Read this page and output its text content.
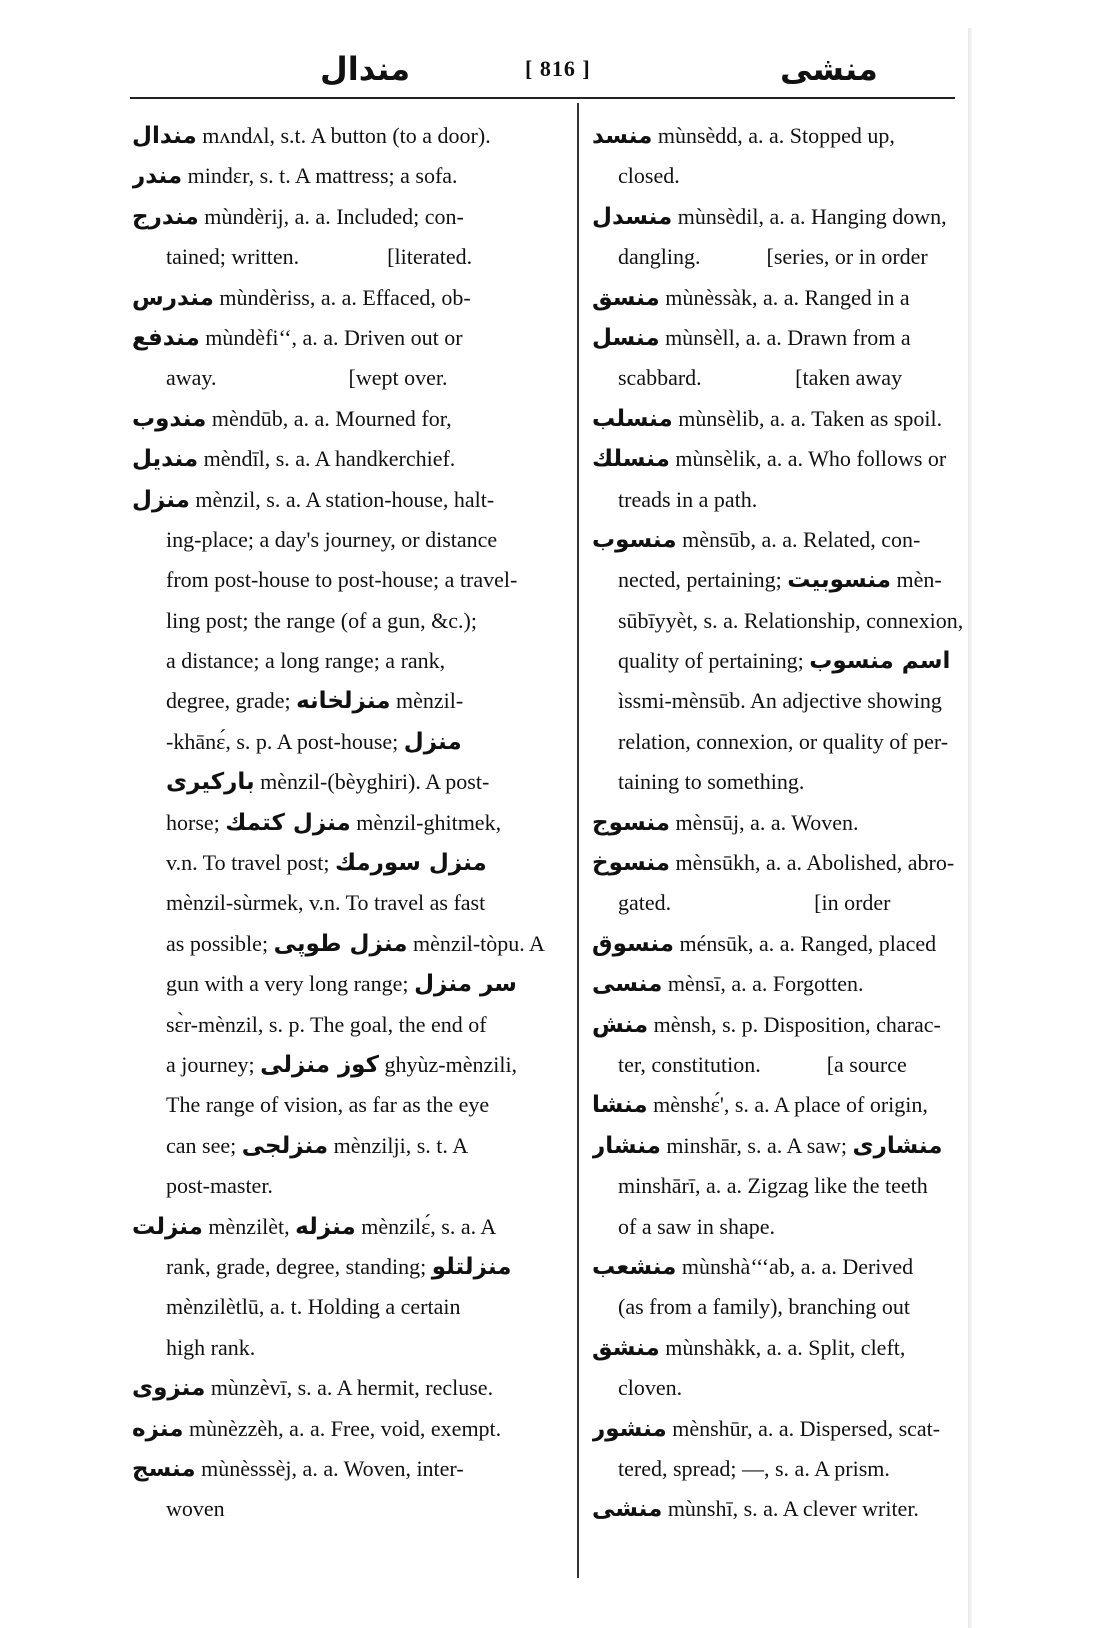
مندال	[ 816 ]	منشی
مندال mʌndʌl, s.t. A button (to a door).
مندر mindɛr, s. t. A mattress; a sofa.
مندرج mùndèrij, a. a. Included; con-
tained; written.                [literated.
مندرس mùndèriss, a. a. Effaced, ob-
مندفع mùndèfi‘‘, a. a. Driven out or
away.                        [wept over.
مندوب mèndūb, a. a. Mourned for,
منديل mèndīl, s. a. A handkerchief.
منزل mènzil, s. a. A station-house, halt-
ing-place; a day's journey, or distance
from post-house to post-house; a travel-
ling post; the range (of a gun, &c.);
a distance; a long range; a rank,
degree, grade; منزلخانه mènzil-
-khānɛ́, s. p. A post-house; منزل
بارکیری mènzil-(bèyghiri). A post-
horse; منزل کتمك mènzil-ghitmek,
v.n. To travel post; منزل سورمك
mènzil-sùrmek, v.n. To travel as fast
as possible; منزل طوپی mènzil-tòpu. A
gun with a very long range; سر منزل
sɛ̀r-mènzil, s. p. The goal, the end of
a journey; کوز منزلی ghyùz-mènzili,
The range of vision, as far as the eye
can see; منزلجی mènzilji, s. t. A
post-master.
منزلت mènzilèt, منزله mènzilɛ́, s. a. A
rank, grade, degree, standing; منزلتلو
mènzilètlū, a. t. Holding a certain
high rank.
منزوی mùnzèvī, s. a. A hermit, recluse.
منزه mùnèzzèh, a. a. Free, void, exempt.
منسج mùnèsssèj, a. a. Woven, inter-
woven
منسد mùnsèdd, a. a. Stopped up,
closed.
منسدل mùnsèdil, a. a. Hanging down,
dangling.            [series, or in order
منسق mùnèssàk, a. a. Ranged in a
منسل mùnsèll, a. a. Drawn from a
scabbard.                 [taken away
منسلب mùnsèlib, a. a. Taken as spoil.
منسلك mùnsèlik, a. a. Who follows or
treads in a path.
منسوب mènsūb, a. a. Related, con-
nected, pertaining; منسوبیت mèn-
sūbīyyèt, s. a. Relationship, connexion,
quality of pertaining; اسم منسوب
ìssmi-mènsūb. An adjective showing
relation, connexion, or quality of per-
taining to something.
منسوج mènsūj, a. a. Woven.
منسوخ mènsūkh, a. a. Abolished, abro-
gated.                          [in order
منسوق ménsūk, a. a. Ranged, placed
منسی mènsī, a. a. Forgotten.
منش mènsh, s. p. Disposition, charac-
ter, constitution.            [a source
منشا mènshɛ́', s. a. A place of origin,
منشار minshār, s. a. A saw; منشاری
minshārī, a. a. Zigzag like the teeth
of a saw in shape.
منشعب mùnshà‘‘‘ab, a. a. Derived
(as from a family), branching out
منشق mùnshàkk, a. a. Split, cleft,
cloven.
منشور mènshūr, a. a. Dispersed, scat-
tered, spread; —, s. a. A prism.
منشی mùnshī, s. a. A clever writer.
